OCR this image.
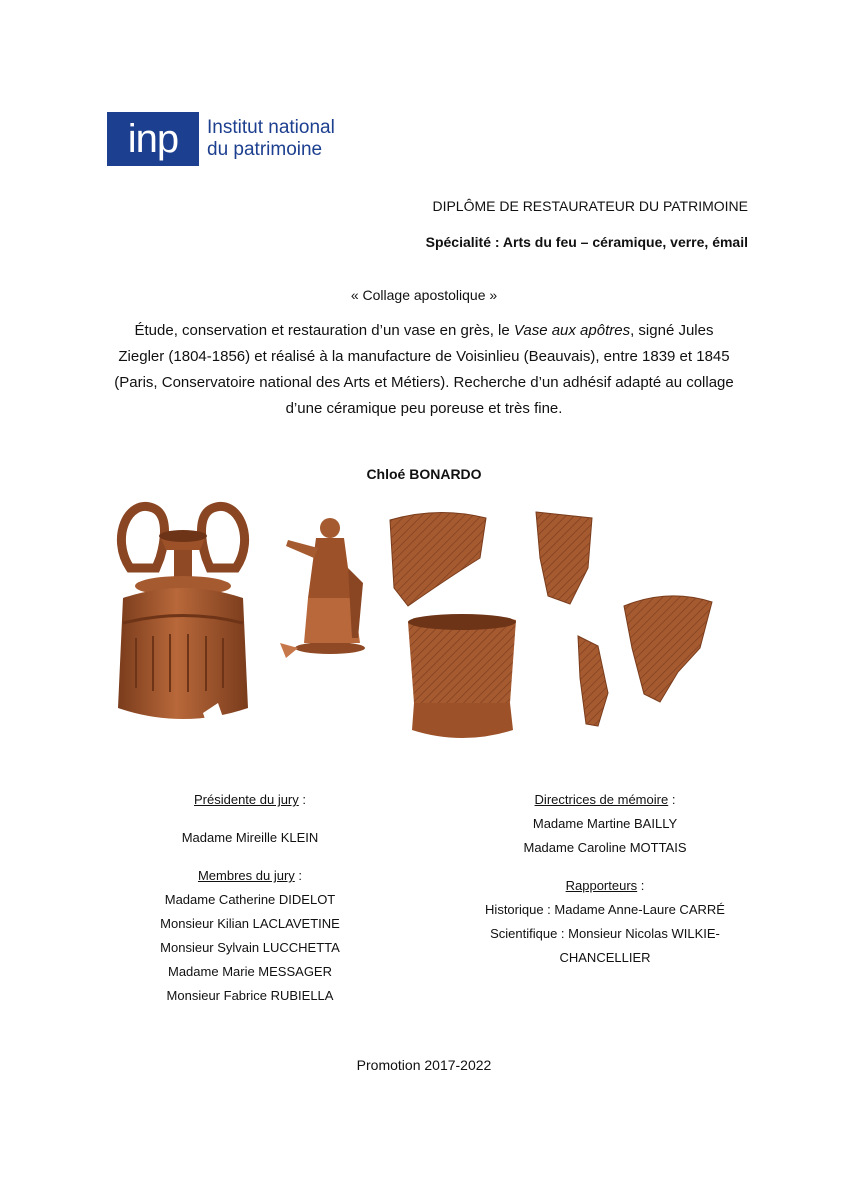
inp	Institut national
du patrimoine
DIPLÔME DE RESTAURATEUR DU PATRIMOINE
Spécialité : Arts du feu – céramique, verre, émail
« Collage apostolique »
Étude, conservation et restauration d’un vase en grès, le Vase aux apôtres, signé Jules Ziegler (1804-1856) et réalisé à la manufacture de Voisinlieu (Beauvais), entre 1839 et 1845 (Paris, Conservatoire national des Arts et Métiers). Recherche d’un adhésif adapté au collage d’une céramique peu poreuse et très fine.
Chloé BONARDO
Présidente du jury :
Madame Mireille KLEIN
Membres du jury :
Madame Catherine DIDELOT
Monsieur Kilian LACLAVETINE
Monsieur Sylvain LUCCHETTA
Madame Marie MESSAGER
Monsieur Fabrice RUBIELLA
Directrices de mémoire :
Madame Martine BAILLY
Madame Caroline MOTTAIS
Rapporteurs :
Historique : Madame Anne-Laure CARRÉ
Scientifique : Monsieur Nicolas WILKIE-
CHANCELLIER
Promotion 2017-2022
